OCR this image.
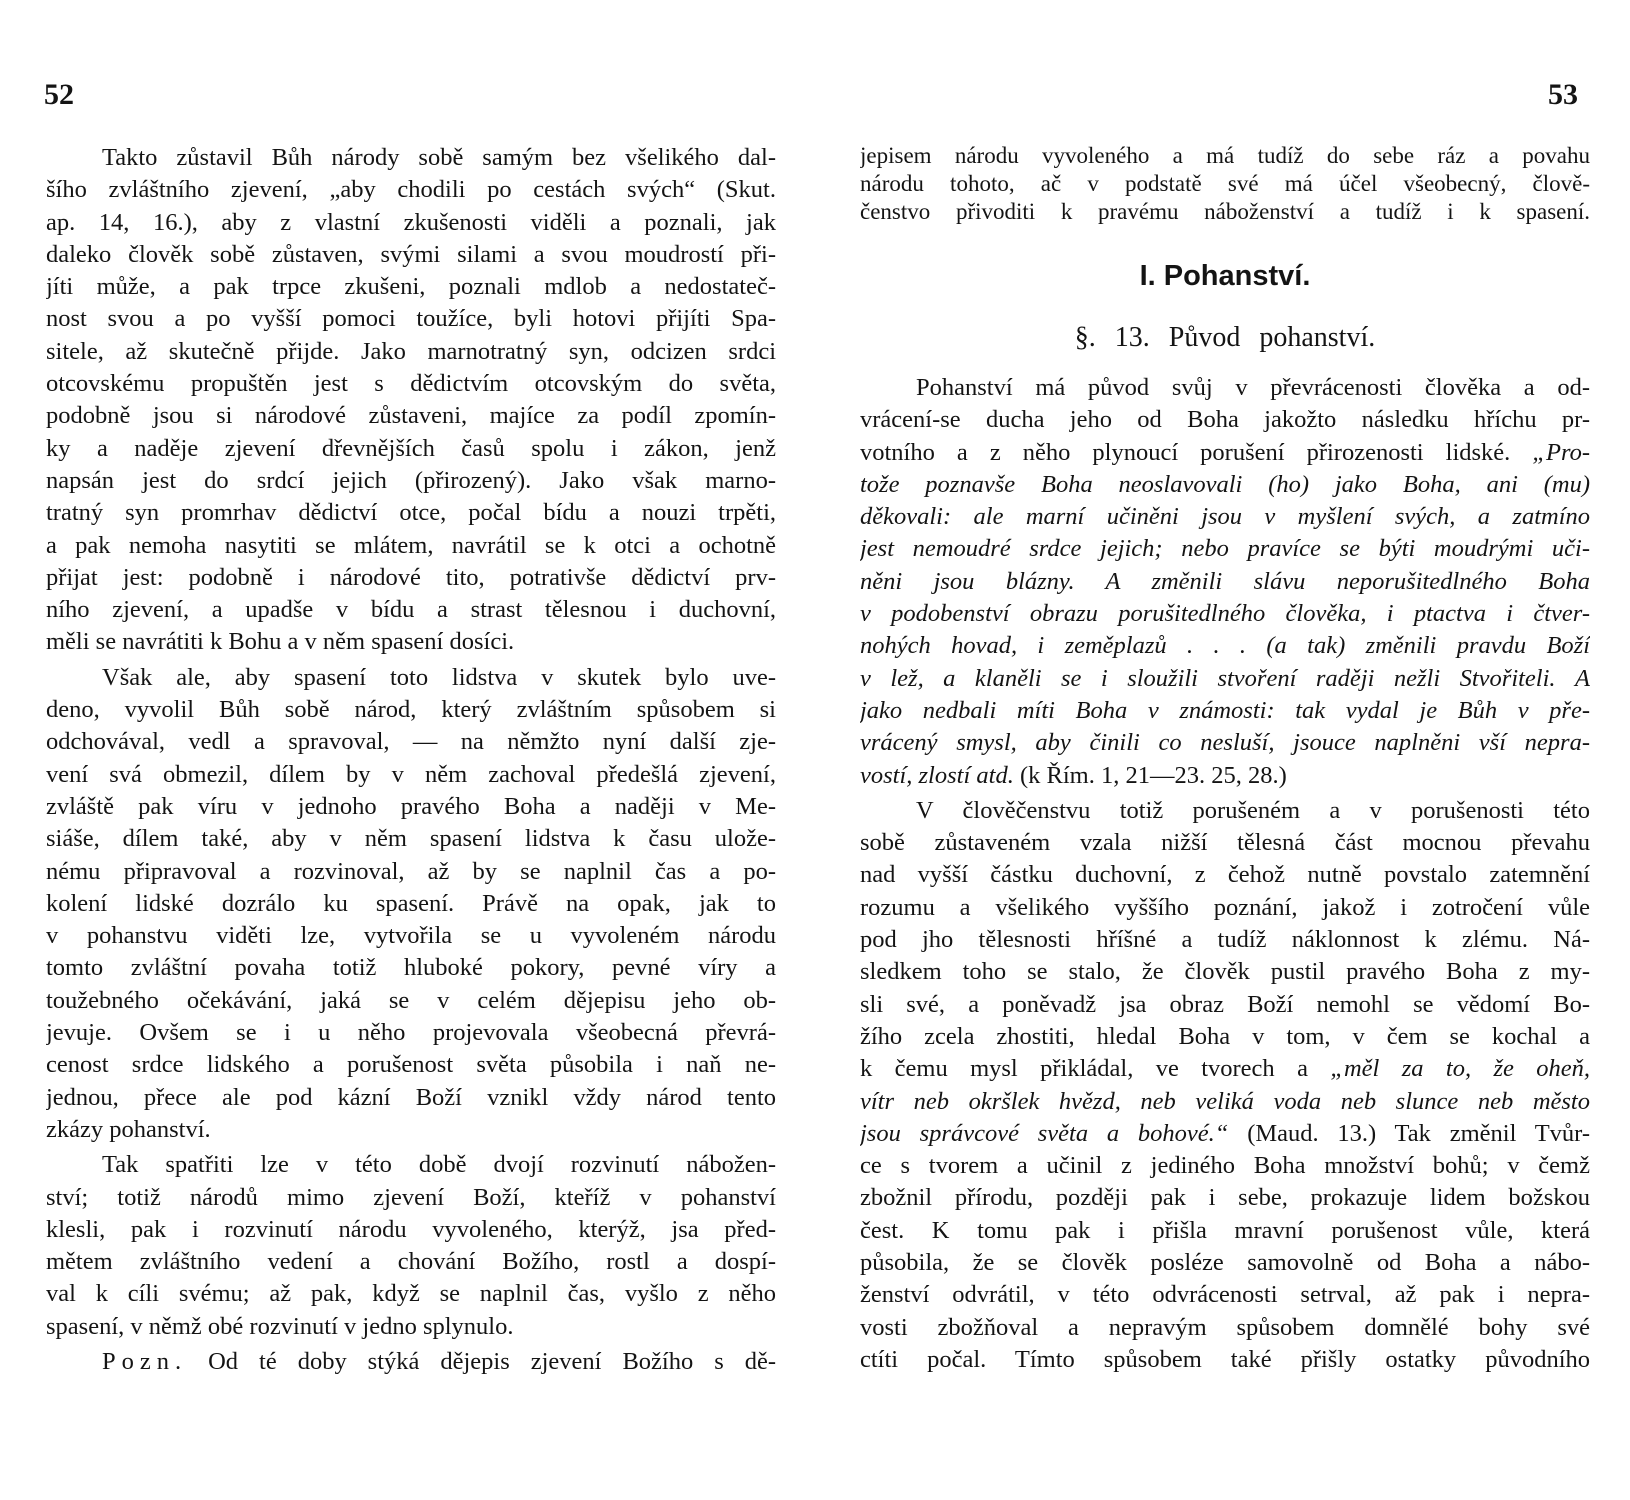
52	53
Takto zůstavil Bůh národy sobě samým bez všelikého dal-
šího zvláštního zjevení, „aby chodili po cestách svých“ (Skut.
ap. 14, 16.), aby z vlastní zkušenosti viděli a poznali, jak
daleko člověk sobě zůstaven, svými silami a svou moudrostí při-
jíti může, a pak trpce zkušeni, poznali mdlob a nedostateč-
nost svou a po vyšší pomoci toužíce, byli hotovi přijíti Spa-
sitele, až skutečně přijde. Jako marnotratný syn, odcizen srdci
otcovskému propuštěn jest s dědictvím otcovským do světa,
podobně jsou si národové zůstaveni, majíce za podíl zpomín-
ky a naděje zjevení dřevnějších časů spolu i zákon, jenž
napsán jest do srdcí jejich (přirozený). Jako však marno-
tratný syn promrhav dědictví otce, počal bídu a nouzi trpěti,
a pak nemoha nasytiti se mlátem, navrátil se k otci a ochotně
přijat jest: podobně i národové tito, potrativše dědictví prv-
ního zjevení, a upadše v bídu a strast tělesnou i duchovní,
měli se navrátiti k Bohu a v něm spasení dosíci.
Však ale, aby spasení toto lidstva v skutek bylo uve-
deno, vyvolil Bůh sobě národ, který zvláštním spůsobem si
odchovával, vedl a spravoval, — na němžto nyní další zje-
vení svá obmezil, dílem by v něm zachoval předešlá zjevení,
zvláště pak víru v jednoho pravého Boha a naději v Me-
siáše, dílem také, aby v něm spasení lidstva k času ulože-
nému připravoval a rozvinoval, až by se naplnil čas a po-
kolení lidské dozrálo ku spasení. Právě na opak, jak to
v pohanstvu viděti lze, vytvořila se u vyvoleném národu
tomto zvláštní povaha totiž hluboké pokory, pevné víry a
toužebného očekávání, jaká se v celém dějepisu jeho ob-
jevuje. Ovšem se i u něho projevovala všeobecná převrá-
cenost srdce lidského a porušenost světa působila i naň ne-
jednou, přece ale pod kázní Boží vznikl vždy národ tento
zkázy pohanství.
Tak spatřiti lze v této době dvojí rozvinutí nábožen-
ství; totiž národů mimo zjevení Boží, kteříž v pohanství
klesli, pak i rozvinutí národu vyvoleného, kterýž, jsa před-
mětem zvláštního vedení a chování Božího, rostl a dospí-
val k cíli svému; až pak, když se naplnil čas, vyšlo z něho
spasení, v němž obé rozvinutí v jedno splynulo.
Pozn. Od té doby stýká dějepis zjevení Božího s dě-
jepisem národu vyvoleného a má tudíž do sebe ráz a povahu
národu tohoto, ač v podstatě své má účel všeobecný, člově-
čenstvo přivoditi k pravému náboženství a tudíž i k spasení.
I. Pohanství.
§. 13. Původ pohanství.
Pohanství má původ svůj v převrácenosti člověka a od-
vrácení-se ducha jeho od Boha jakožto následku hříchu pr-
votního a z něho plynoucí porušení přirozenosti lidské. „Pro-
tože poznavše Boha neoslavovali (ho) jako Boha, ani (mu)
děkovali: ale marní učiněni jsou v myšlení svých, a zatmíno
jest nemoudré srdce jejich; nebo pravíce se býti moudrými uči-
něni jsou blázny. A změnili slávu neporušitedlného Boha
v podobenství obrazu porušitedlného člověka, i ptactva i čtver-
nohých hovad, i zeměplazů . . . (a tak) změnili pravdu Boží
v lež, a klaněli se i sloužili stvoření raději nežli Stvořiteli. A
jako nedbali míti Boha v známosti: tak vydal je Bůh v pře-
vrácený smysl, aby činili co nesluší, jsouce naplněni vší nepra-
vostí, zlostí atd. (k Řím. 1, 21—23. 25, 28.)
V člověčenstvu totiž porušeném a v porušenosti této
sobě zůstaveném vzala nižší tělesná část mocnou převahu
nad vyšší částku duchovní, z čehož nutně povstalo zatemnění
rozumu a všelikého vyššího poznání, jakož i zotročení vůle
pod jho tělesnosti hříšné a tudíž náklonnost k zlému. Ná-
sledkem toho se stalo, že člověk pustil pravého Boha z my-
sli své, a poněvadž jsa obraz Boží nemohl se vědomí Bo-
žího zcela zhostiti, hledal Boha v tom, v čem se kochal a
k čemu mysl přikládal, ve tvorech a „měl za to, že oheň,
vítr neb okršlek hvězd, neb veliká voda neb slunce neb město
jsou správcové světa a bohové.“ (Maud. 13.) Tak změnil Tvůr-
ce s tvorem a učinil z jediného Boha množství bohů; v čemž
zbožnil přírodu, později pak i sebe, prokazuje lidem božskou
čest. K tomu pak i přišla mravní porušenost vůle, která
působila, že se člověk posléze samovolně od Boha a nábo-
ženství odvrátil, v této odvrácenosti setrval, až pak i nepra-
vosti zbožňoval a nepravým spůsobem domnělé bohy své
ctíti počal. Tímto spůsobem také přišly ostatky původního
